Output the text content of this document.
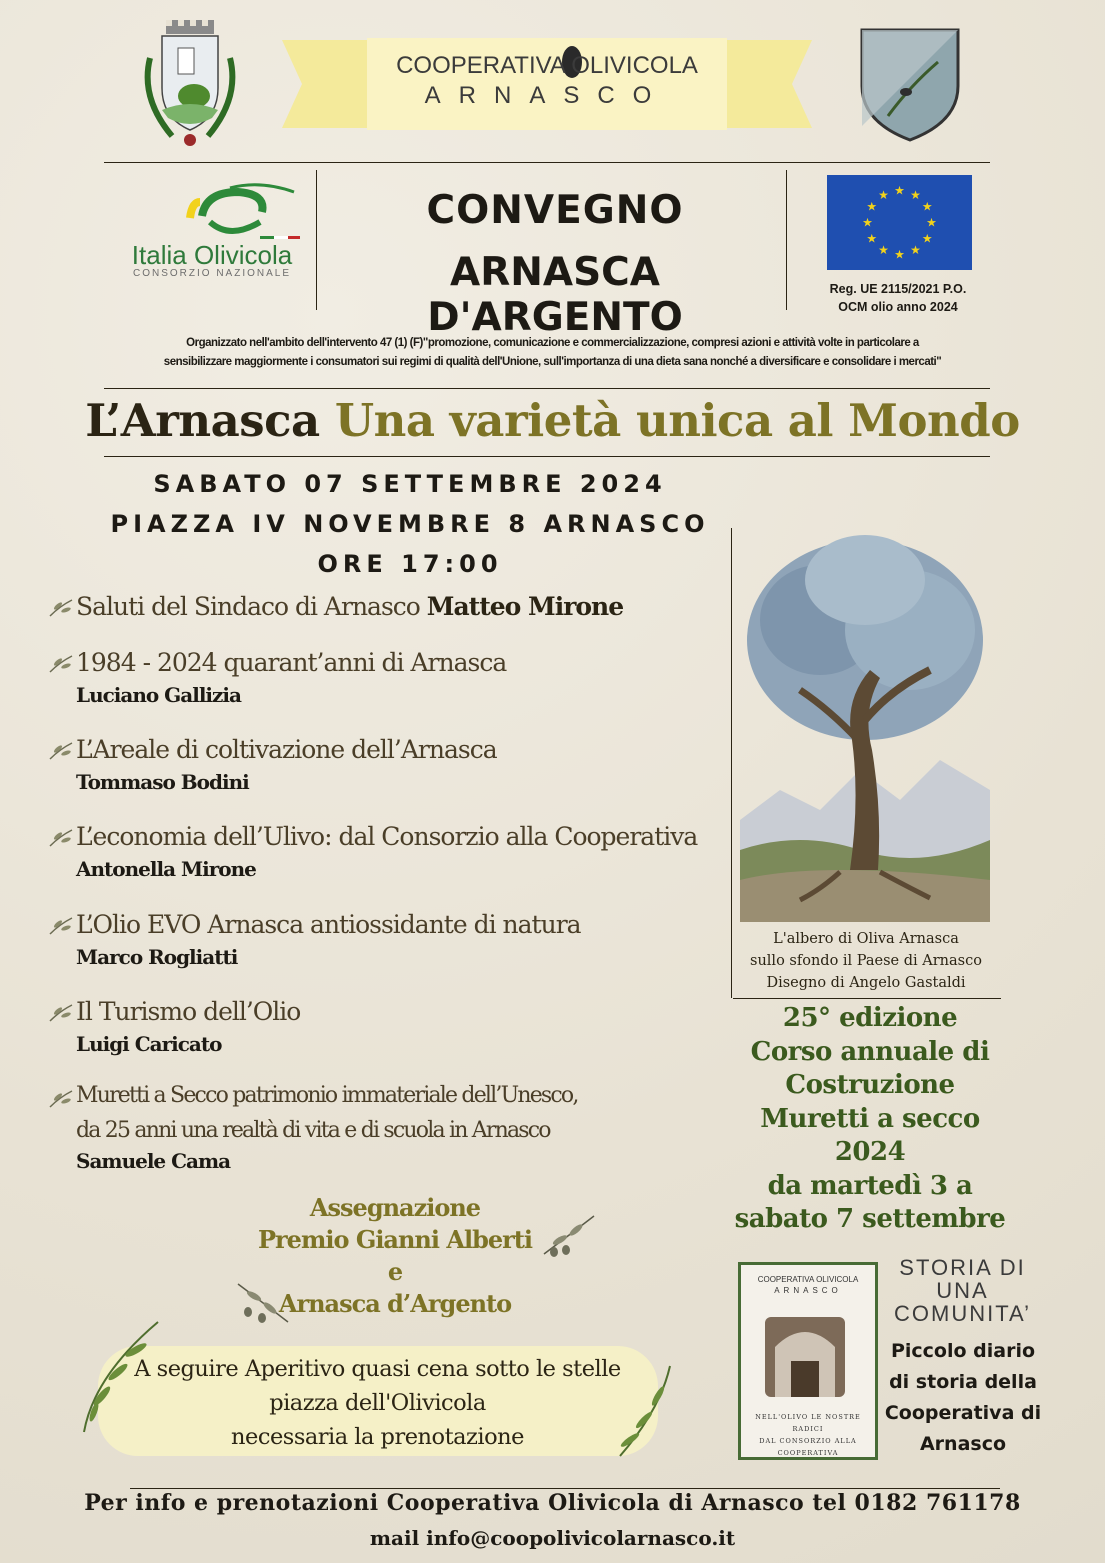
COOPERATIVA OLIVICOLA
ARNASCO
Italia Olivicola
CONSORZIO NAZIONALE
CONVEGNO
ARNASCA D'ARGENTO
★ ★
★
★
★
★
★
★
★
★
★
★
Reg. UE 2115/2021 P.O.
OCM olio anno 2024
Organizzato nell'ambito dell'intervento 47 (1) (F)"promozione, comunicazione e commercializzazione, compresi azioni e attività volte in particolare a
sensibilizzare maggiormente i consumatori sui regimi di qualità dell'Unione, sull'importanza di una dieta sana nonché a diversificare e consolidare i mercati"
L’Arnasca Una varietà unica al Mondo
SABATO 07 SETTEMBRE 2024
PIAZZA IV NOVEMBRE 8 ARNASCO
ORE 17:00
Saluti del Sindaco di Arnasco Matteo Mirone
1984 - 2024 quarant’anni di Arnasca
Luciano Gallizia
L’Areale di coltivazione dell’Arnasca
Tommaso Bodini
L’economia dell’Ulivo: dal Consorzio alla Cooperativa
Antonella Mirone
L’Olio EVO Arnasca antiossidante di natura
Marco Rogliatti
Il Turismo dell’Olio
Luigi Caricato
Muretti a Secco patrimonio immateriale dell’Unesco,
da 25 anni una realtà di vita e di scuola in Arnasco
Samuele Cama
Assegnazione
Premio Gianni Alberti
e
Arnasca d’Argento
A seguire Aperitivo quasi cena sotto le stelle
piazza dell'Olivicola
necessaria la prenotazione
L'albero di Oliva Arnasca
sullo sfondo il Paese di Arnasco
Disegno di Angelo Gastaldi
25° edizione
Corso annuale di
Costruzione
Muretti a secco
2024
da martedì 3 a
sabato 7 settembre
COOPERATIVA OLIVICOLA
ARNASCO
NELL'OLIVO LE NOSTRE RADICI
DAL CONSORZIO ALLA
COOPERATIVA
STORIA DI
UNA
COMUNITA’
Piccolo diario
di storia della
Cooperativa di
Arnasco
Per info e prenotazioni Cooperativa Olivicola di Arnasco tel 0182 761178
mail info@coopolivicolarnasco.it
